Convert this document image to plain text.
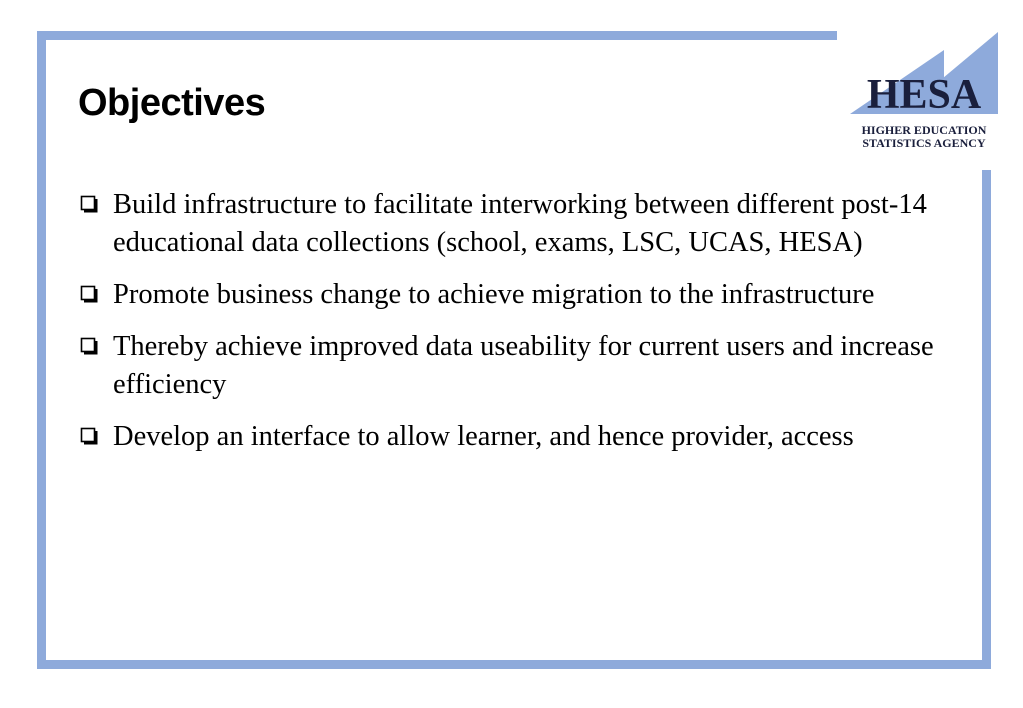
HESA
HIGHER EDUCATION
STATISTICS AGENCY
Objectives
Build infrastructure to facilitate interworking between different post-14 educational data collections (school, exams, LSC, UCAS, HESA)
Promote business change to achieve migration to the infrastructure
Thereby achieve improved data useability for current users and increase efficiency
Develop an interface to allow learner, and hence provider, access
